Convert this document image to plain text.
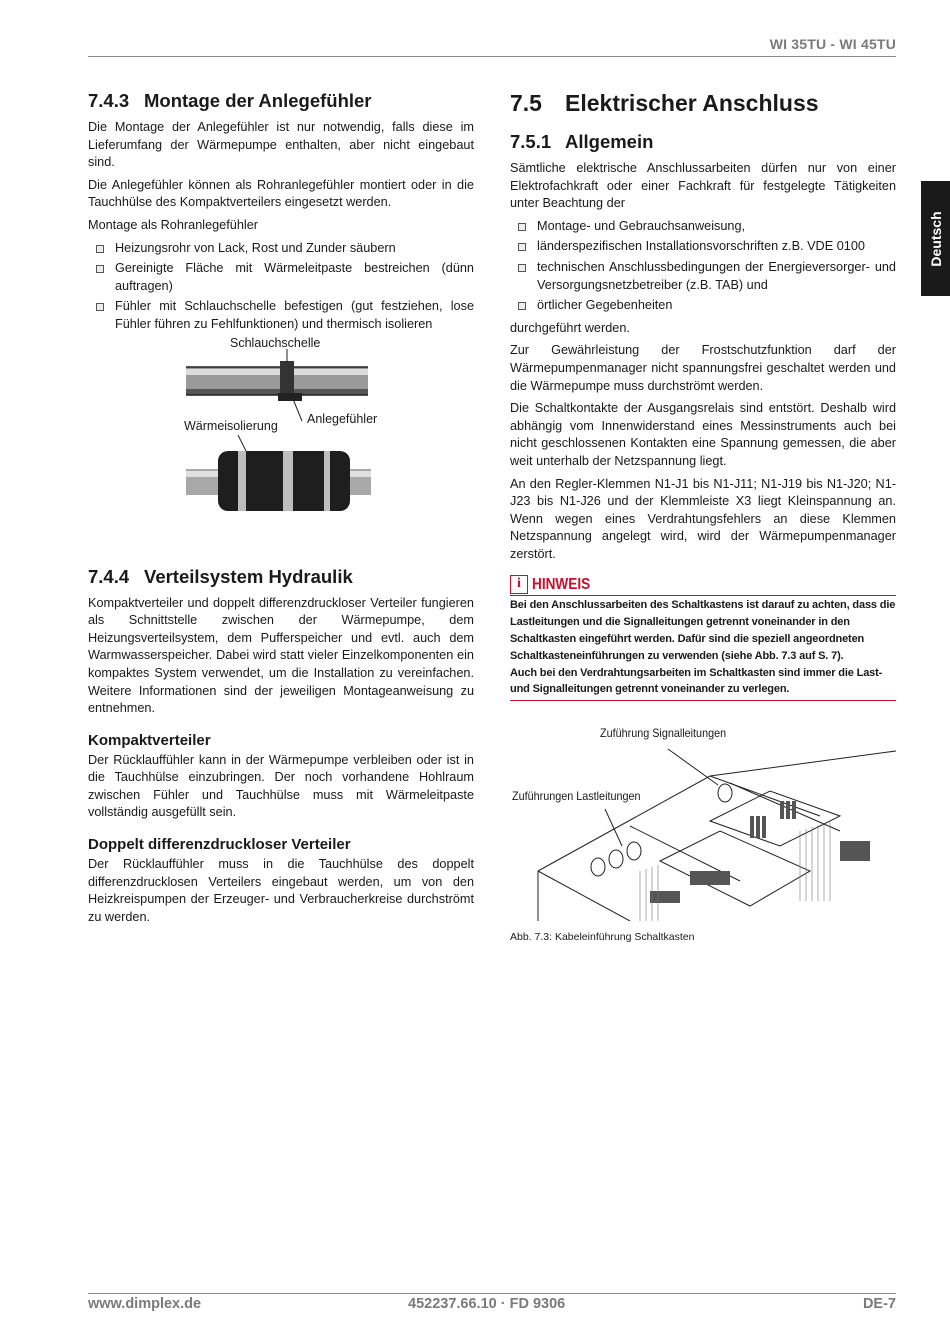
WI 35TU - WI 45TU
Deutsch
7.4.3 Montage der Anlegefühler

Die Montage der Anlegefühler ist nur notwendig, falls diese im Lieferumfang der Wärmepumpe enthalten, aber nicht eingebaut sind.

Die Anlegefühler können als Rohranlegefühler montiert oder in die Tauchhülse des Kompaktverteilers eingesetzt werden.

Montage als Rohranlegefühler

Heizungsrohr von Lack, Rost und Zunder säubern
Gereinigte Fläche mit Wärmeleitpaste bestreichen (dünn auftragen)
Fühler mit Schlauchschelle befestigen (gut festziehen, lose Fühler führen zu Fehlfunktionen) und thermisch isolieren
Schlauchschelle
Wärmeisolierung Anlegefühler
7.4.4 Verteilsystem Hydraulik

Kompaktverteiler und doppelt differenzdruckloser Verteiler fungieren als Schnittstelle zwischen der Wärmepumpe, dem Heizungsverteilsystem, dem Pufferspeicher und evtl. auch dem Warmwasserspeicher. Dabei wird statt vieler Einzelkomponenten ein kompaktes System verwendet, um die Installation zu vereinfachen. Weitere Informationen sind der jeweiligen Montageanweisung zu entnehmen.

Kompaktverteiler

Der Rücklauffühler kann in der Wärmepumpe verbleiben oder ist in die Tauchhülse einzubringen. Der noch vorhandene Hohlraum zwischen Fühler und Tauchhülse muss mit Wärmeleitpaste vollständig ausgefüllt sein.

Doppelt differenzdruckloser Verteiler

Der Rücklauffühler muss in die Tauchhülse des doppelt differenzdrucklosen Verteilers eingebaut werden, um von den Heizkreispumpen der Erzeuger- und Verbraucherkreise durchströmt zu werden.

7.5 Elektrischer Anschluss
7.5.1 Allgemein

Sämtliche elektrische Anschlussarbeiten dürfen nur von einer Elektrofachkraft oder einer Fachkraft für festgelegte Tätigkeiten unter Beachtung der

Montage- und Gebrauchsanweisung,
länderspezifischen Installationsvorschriften z.B. VDE 0100
technischen Anschlussbedingungen der Energieversorger- und Versorgungsnetzbetreiber (z.B. TAB) und
örtlicher Gegebenheiten

durchgeführt werden.

Zur Gewährleistung der Frostschutzfunktion darf der Wärmepumpenmanager nicht spannungsfrei geschaltet werden und die Wärmepumpe muss durchströmt werden.

Die Schaltkontakte der Ausgangsrelais sind entstört. Deshalb wird abhängig vom Innenwiderstand eines Messinstruments auch bei nicht geschlossenen Kontakten eine Spannung gemessen, die aber weit unterhalb der Netzspannung liegt.

An den Regler-Klemmen N1-J1 bis N1-J11; N1-J19 bis N1-J20; N1-J23 bis N1-J26 und der Klemmleiste X3 liegt Kleinspannung an. Wenn wegen eines Verdrahtungsfehlers an diese Klemmen Netzspannung angelegt wird, wird der Wärmepumpenmanager zerstört.

i HINWEIS
Bei den Anschlussarbeiten des Schaltkastens ist darauf zu achten, dass die Lastleitungen und die Signalleitungen getrennt voneinander in den Schaltkasten eingeführt werden. Dafür sind die speziell angeordneten Schaltkasteneinführungen zu verwenden (siehe Abb. 7.3 auf S. 7).
Auch bei den Verdrahtungsarbeiten im Schaltkasten sind immer die Last- und Signalleitungen getrennt voneinander zu verlegen.
Zuführung Signalleitungen
Zuführungen Lastleitungen
Abb. 7.3: Kabeleinführung Schaltkasten
www.dimplex.de	452237.66.10 · FD 9306	DE-7
